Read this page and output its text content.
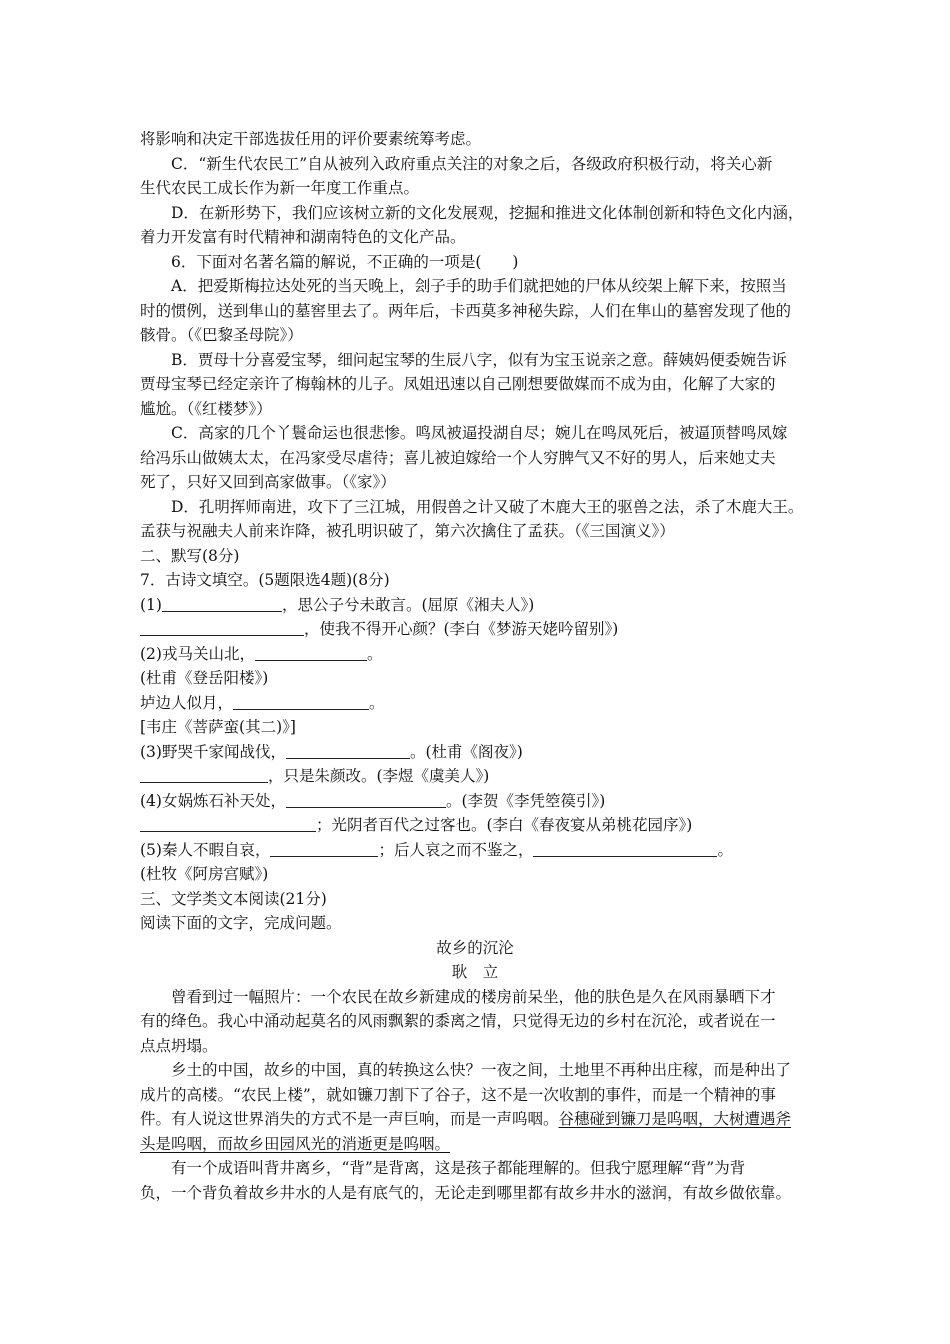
将影响和决定干部选拔任用的评价要素统筹考虑。
C．“新生代农民工”自从被列入政府重点关注的对象之后，各级政府积极行动，将关心新
生代农民工成长作为新一年度工作重点。
D．在新形势下，我们应该树立新的文化发展观，挖掘和推进文化体制创新和特色文化内涵，
着力开发富有时代精神和湖南特色的文化产品。
6．下面对名著名篇的解说，不正确的一项是(　　)
A．把爱斯梅拉达处死的当天晚上，刽子手的助手们就把她的尸体从绞架上解下来，按照当
时的惯例，送到隼山的墓窖里去了。两年后，卡西莫多神秘失踪，人们在隼山的墓窖发现了他的
骸骨。（《巴黎圣母院》）
B．贾母十分喜爱宝琴，细问起宝琴的生辰八字，似有为宝玉说亲之意。薛姨妈便委婉告诉
贾母宝琴已经定亲许了梅翰林的儿子。凤姐迅速以自己刚想要做媒而不成为由，化解了大家的
尴尬。（《红楼梦》）
C．高家的几个丫鬟命运也很悲惨。鸣凤被逼投湖自尽；婉儿在鸣凤死后，被逼顶替鸣凤嫁
给冯乐山做姨太太，在冯家受尽虐待；喜儿被迫嫁给一个人穷脾气又不好的男人，后来她丈夫
死了，只好又回到高家做事。（《家》）
D．孔明挥师南进，攻下了三江城，用假兽之计又破了木鹿大王的驱兽之法，杀了木鹿大王。
孟获与祝融夫人前来诈降，被孔明识破了，第六次擒住了孟获。（《三国演义》）
二、默写(8分)
7．古诗文填空。(5题限选4题)(8分)
(1)	，思公子兮未敢言。(屈原《湘夫人》)
，使我不得开心颜？(李白《梦游天姥吟留别》)
(2)戎马关山北，	。
(杜甫《登岳阳楼》)
垆边人似月，	。
[韦庄《菩萨蛮(其二)》]
(3)野哭千家闻战伐，	。(杜甫《阁夜》)
，只是朱颜改。(李煜《虞美人》)
(4)女娲炼石补天处，	。(李贺《李凭箜篌引》)
；光阴者百代之过客也。(李白《春夜宴从弟桃花园序》)
(5)秦人不暇自哀，	；后人哀之而不鉴之，	。
(杜牧《阿房宫赋》)
三、文学类文本阅读(21分)
阅读下面的文字，完成问题。
故乡的沉沦
耿　立
曾看到过一幅照片：一个农民在故乡新建成的楼房前呆坐，他的肤色是久在风雨暴晒下才
有的绛色。我心中涌动起莫名的风雨飘絮的黍离之情，只觉得无边的乡村在沉沦，或者说在一
点点坍塌。
乡土的中国，故乡的中国，真的转换这么快？一夜之间，土地里不再种出庄稼，而是种出了
成片的高楼。“农民上楼”，就如镰刀割下了谷子，这不是一次收割的事件，而是一个精神的事
件。有人说这世界消失的方式不是一声巨响，而是一声呜咽。谷穗碰到镰刀是呜咽，大树遭遇斧
头是呜咽，而故乡田园风光的消逝更是呜咽。
有一个成语叫背井离乡，“背”是背离，这是孩子都能理解的。但我宁愿理解“背”为背
负，一个背负着故乡井水的人是有底气的，无论走到哪里都有故乡井水的滋润，有故乡做依靠。
